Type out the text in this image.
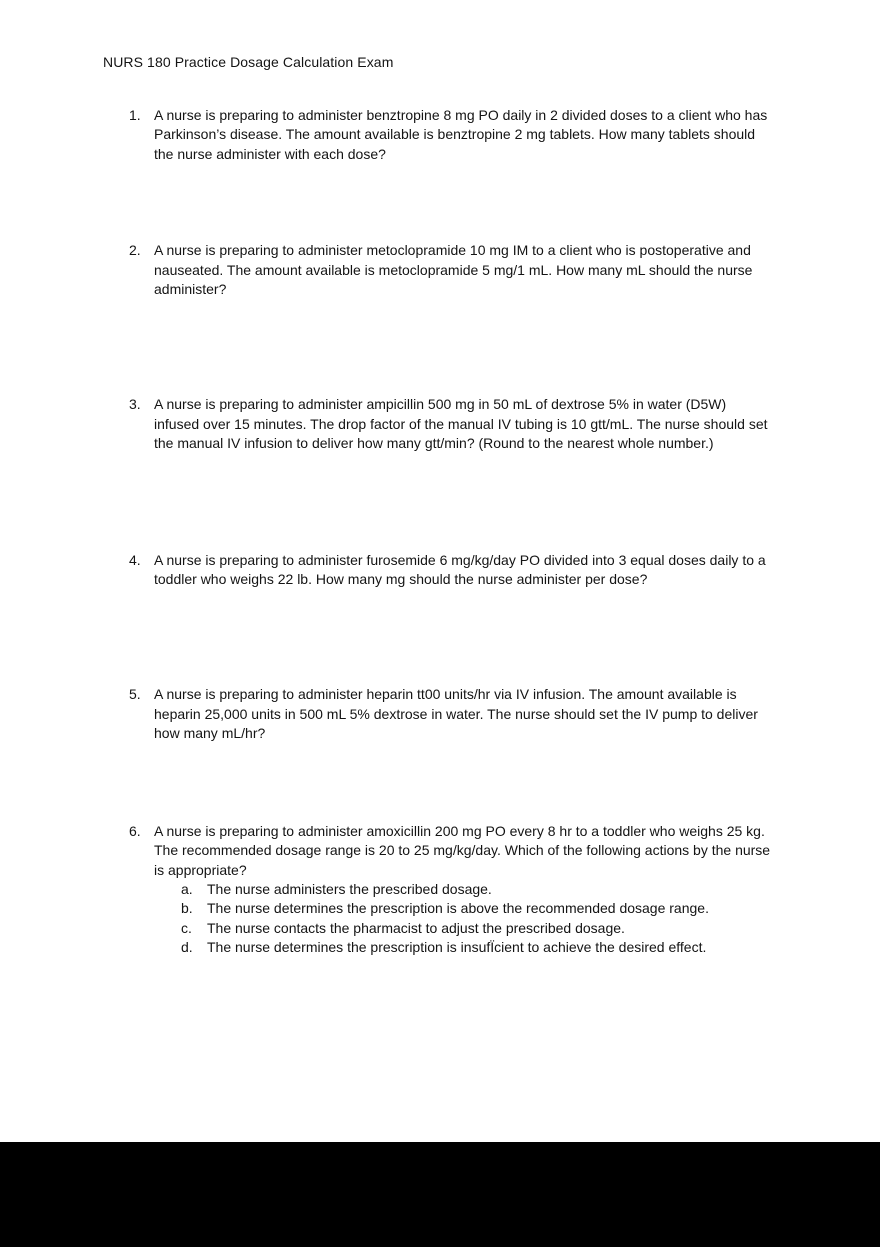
NURS 180 Practice Dosage Calculation Exam
1. A nurse is preparing to administer benztropine 8 mg PO daily in 2 divided doses to a client who has Parkinson’s disease. The amount available is benztropine 2 mg tablets. How many tablets should the nurse administer with each dose?
2. A nurse is preparing to administer metoclopramide 10 mg IM to a client who is postoperative and nauseated. The amount available is metoclopramide 5 mg/1 mL. How many mL should the nurse administer?
3. A nurse is preparing to administer ampicillin 500 mg in 50 mL of dextrose 5% in water (D5W) infused over 15 minutes. The drop factor of the manual IV tubing is 10 gtt/mL. The nurse should set the manual IV infusion to deliver how many gtt/min? (Round to the nearest whole number.)
4. A nurse is preparing to administer furosemide 6 mg/kg/day PO divided into 3 equal doses daily to a toddler who weighs 22 lb. How many mg should the nurse administer per dose?
5. A nurse is preparing to administer heparin tt00 units/hr via IV infusion. The amount available is heparin 25,000 units in 500 mL 5% dextrose in water. The nurse should set the IV pump to deliver how many mL/hr?
6. A nurse is preparing to administer amoxicillin 200 mg PO every 8 hr to a toddler who weighs 25 kg. The recommended dosage range is 20 to 25 mg/kg/day. Which of the following actions by the nurse is appropriate?
a.	The nurse administers the prescribed dosage.
b.	The nurse determines the prescription is above the recommended dosage range.
c.	The nurse contacts the pharmacist to adjust the prescribed dosage.
d.	The nurse determines the prescription is insufÏcient to achieve the desired effect.
